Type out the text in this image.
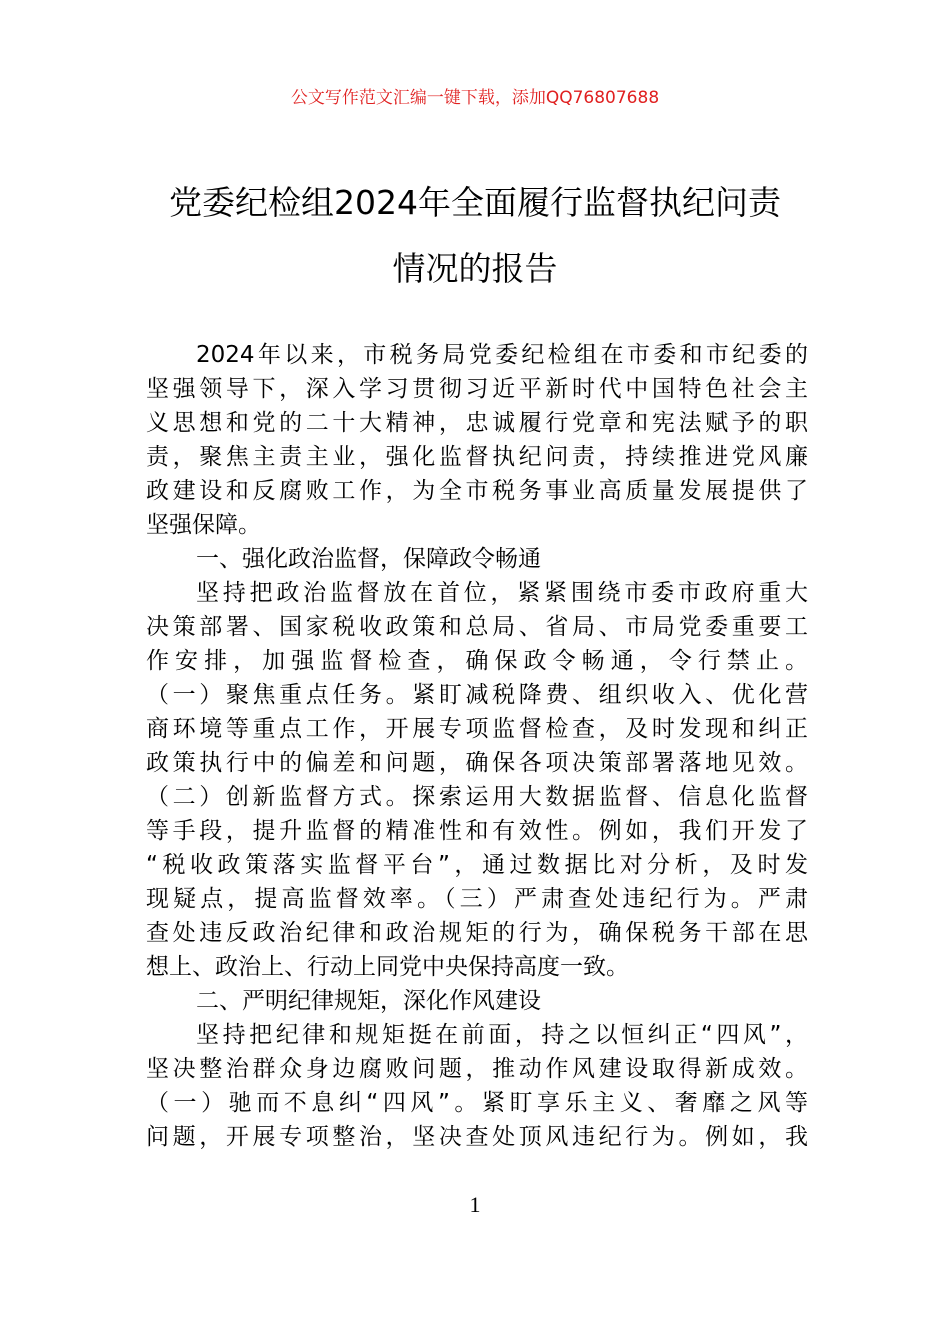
公文写作范文汇编一键下载，添加QQ76807688
党委纪检组2024年全面履行监督执纪问责
情况的报告
2024年以来，市税务局党委纪检组在市委和市纪委的
坚强领导下，深入学习贯彻习近平新时代中国特色社会主
义思想和党的二十大精神，忠诚履行党章和宪法赋予的职
责，聚焦主责主业，强化监督执纪问责，持续推进党风廉
政建设和反腐败工作，为全市税务事业高质量发展提供了
坚强保障。
一、强化政治监督，保障政令畅通
坚持把政治监督放在首位，紧紧围绕市委市政府重大
决策部署、国家税收政策和总局、省局、市局党委重要工
作安排，加强监督检查，确保政令畅通，令行禁止。
（一）聚焦重点任务。紧盯减税降费、组织收入、优化营
商环境等重点工作，开展专项监督检查，及时发现和纠正
政策执行中的偏差和问题，确保各项决策部署落地见效。
（二）创新监督方式。探索运用大数据监督、信息化监督
等手段，提升监督的精准性和有效性。例如，我们开发了
“税收政策落实监督平台”，通过数据比对分析，及时发
现疑点，提高监督效率。（三）严肃查处违纪行为。严肃
查处违反政治纪律和政治规矩的行为，确保税务干部在思
想上、政治上、行动上同党中央保持高度一致。
二、严明纪律规矩，深化作风建设
坚持把纪律和规矩挺在前面，持之以恒纠正“四风”，
坚决整治群众身边腐败问题，推动作风建设取得新成效。
（一）驰而不息纠“四风”。紧盯享乐主义、奢靡之风等
问题，开展专项整治，坚决查处顶风违纪行为。例如，我
1
